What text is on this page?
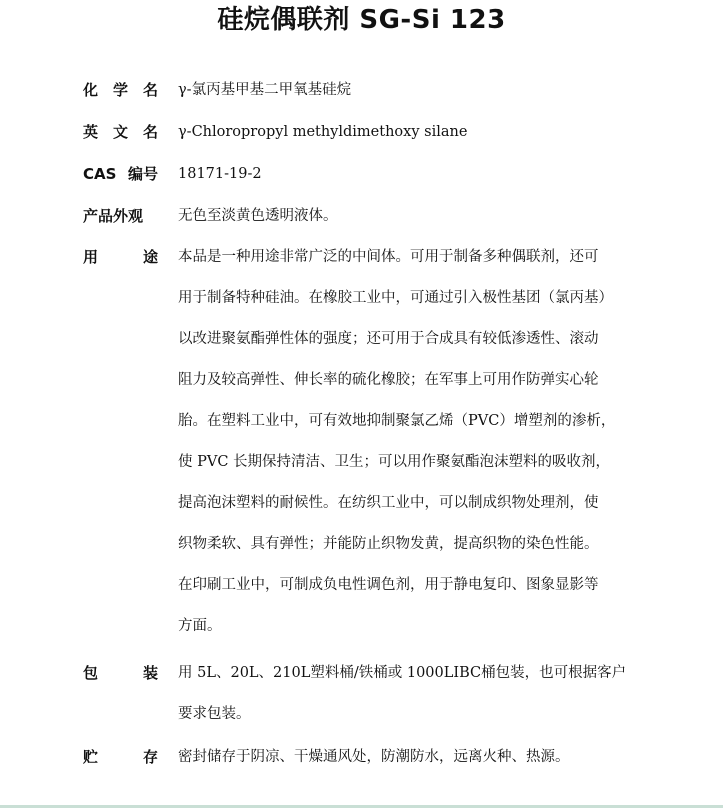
硅烷偶联剂 SG-Si 123
化 学 名 γ-氯丙基甲基二甲氧基硅烷
英 文 名 γ-Chloropropyl methyldimethoxy silane
CAS 编号 18171-19-2
产品外观 无色至淡黄色透明液体。
用	途 本品是一种用途非常广泛的中间体。可用于制备多种偶联剂，还可
用于制备特种硅油。在橡胶工业中，可通过引入极性基团（氯丙基）
以改进聚氨酯弹性体的强度；还可用于合成具有较低渗透性、滚动
阻力及较高弹性、伸长率的硫化橡胶；在军事上可用作防弹实心轮
胎。在塑料工业中，可有效地抑制聚氯乙烯（PVC）增塑剂的渗析，
使 PVC 长期保持清洁、卫生；可以用作聚氨酯泡沫塑料的吸收剂，
提高泡沫塑料的耐候性。在纺织工业中，可以制成织物处理剂，使
织物柔软、具有弹性；并能防止织物发黄，提高织物的染色性能。
在印刷工业中，可制成负电性调色剂，用于静电复印、图象显影等
方面。
包	装 用 5L、20L、210L塑料桶/铁桶或 1000LIBC桶包装，也可根据客户
要求包装。
贮	存 密封储存于阴凉、干燥通风处，防潮防水，远离火种、热源。
